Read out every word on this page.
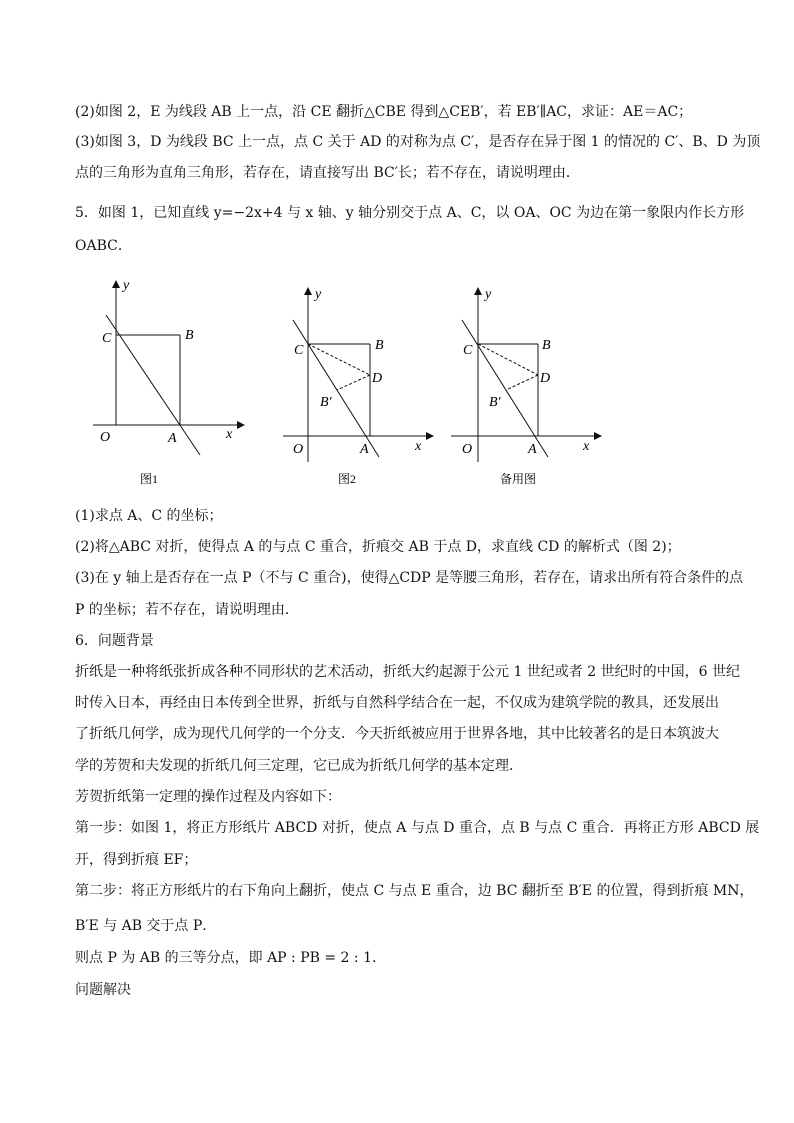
(2)如图 2，E 为线段 AB 上一点，沿 CE 翻折△CBE 得到△CEB′，若 EB′∥AC，求证：AE＝AC；
(3)如图 3，D 为线段 BC 上一点，点 C 关于 AD 的对称为点 C′，是否存在异于图 1 的情况的 C′、B、D 为顶
点的三角形为直角三角形，若存在，请直接写出 BC′长；若不存在，请说明理由．
5．如图 1，已知直线 y=−2x+4 与 x 轴、y 轴分别交于点 A、C，以 OA、OC 为边在第一象限内作长方形
OABC．
y
x
O	A
B
C
图1
y
x
O	A
B
C
D
B′
图2
y
x
O	A
B
C
D
B′
备用图
(1)求点 A、C 的坐标；
(2)将△ABC 对折，使得点 A 的与点 C 重合，折痕交 AB 于点 D，求直线 CD 的解析式（图 2)；
(3)在 y 轴上是否存在一点 P（不与 C 重合)，使得△CDP 是等腰三角形，若存在，请求出所有符合条件的点
P 的坐标；若不存在，请说明理由．
6．问题背景
折纸是一种将纸张折成各种不同形状的艺术活动，折纸大约起源于公元 1 世纪或者 2 世纪时的中国，6 世纪
时传入日本，再经由日本传到全世界，折纸与自然科学结合在一起，不仅成为建筑学院的教具，还发展出
了折纸几何学，成为现代几何学的一个分支．今天折纸被应用于世界各地，其中比较著名的是日本筑波大
学的芳贺和夫发现的折纸几何三定理，它已成为折纸几何学的基本定理．
芳贺折纸第一定理的操作过程及内容如下：
第一步：如图 1，将正方形纸片 ABCD 对折，使点 A 与点 D 重合，点 B 与点 C 重合．再将正方形 ABCD 展
开，得到折痕 EF；
第二步：将正方形纸片的右下角向上翻折，使点 C 与点 E 重合，边 BC 翻折至 B′E 的位置，得到折痕 MN，
B′E 与 AB 交于点 P．
则点 P 为 AB 的三等分点，即 AP : PB = 2 : 1．
问题解决
